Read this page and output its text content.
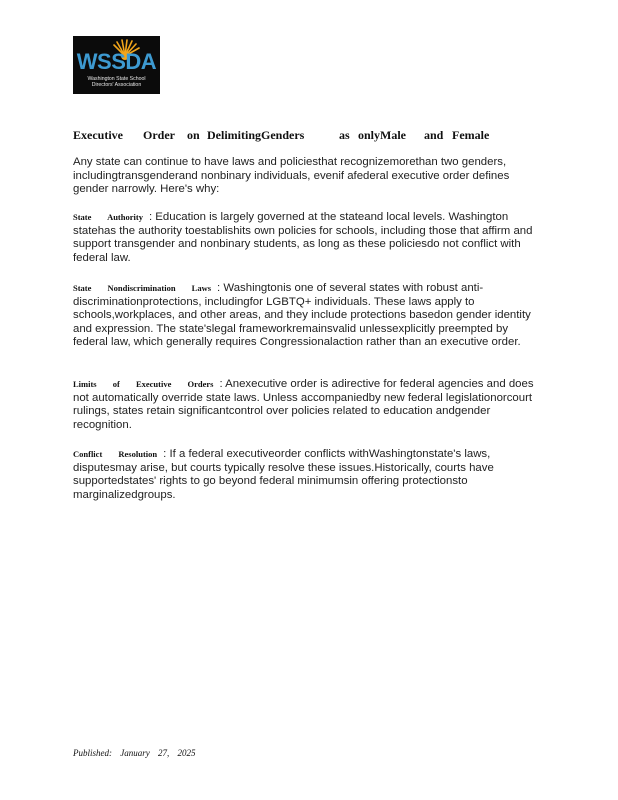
WSSDA
Washington State School
Directors' Association
Executive Order on DelimitingGenders	as onlyMale and Female
Any state can continue to have laws and policiesthat recognizemorethan two genders, includingtransgenderand nonbinary individuals, evenif afederal executive order defines gender narrowly. Here's why:
State Authority : Education is largely governed at the stateand local levels. Washington statehas the authority toestablishits own policies for schools, including those that affirm and support transgender and nonbinary students, as long as these policiesdo not conflict with federal law.
State Nondiscrimination Laws : Washingtonis one of several states with robust anti-discriminationprotections, includingfor LGBTQ+ individuals. These laws apply to schools,workplaces, and other areas, and they include protections basedon gender identity and expression. The state'slegal frameworkremainsvalid unlessexplicitly preempted by federal law, which generally requires Congressionalaction rather than an executive order.
Limits of Executive Orders : Anexecutive order is adirective for federal agencies and does not automatically override state laws. Unless accompaniedby new federal legislationorcourt rulings, states retain significantcontrol over policies related to education andgender recognition.
Conflict Resolution : If a federal executiveorder conflicts withWashingtonstate's laws, disputesmay arise, but courts typically resolve these issues.Historically, courts have supportedstates' rights to go beyond federal minimumsin offering protectionsto marginalizedgroups.
Published: January 27, 2025
